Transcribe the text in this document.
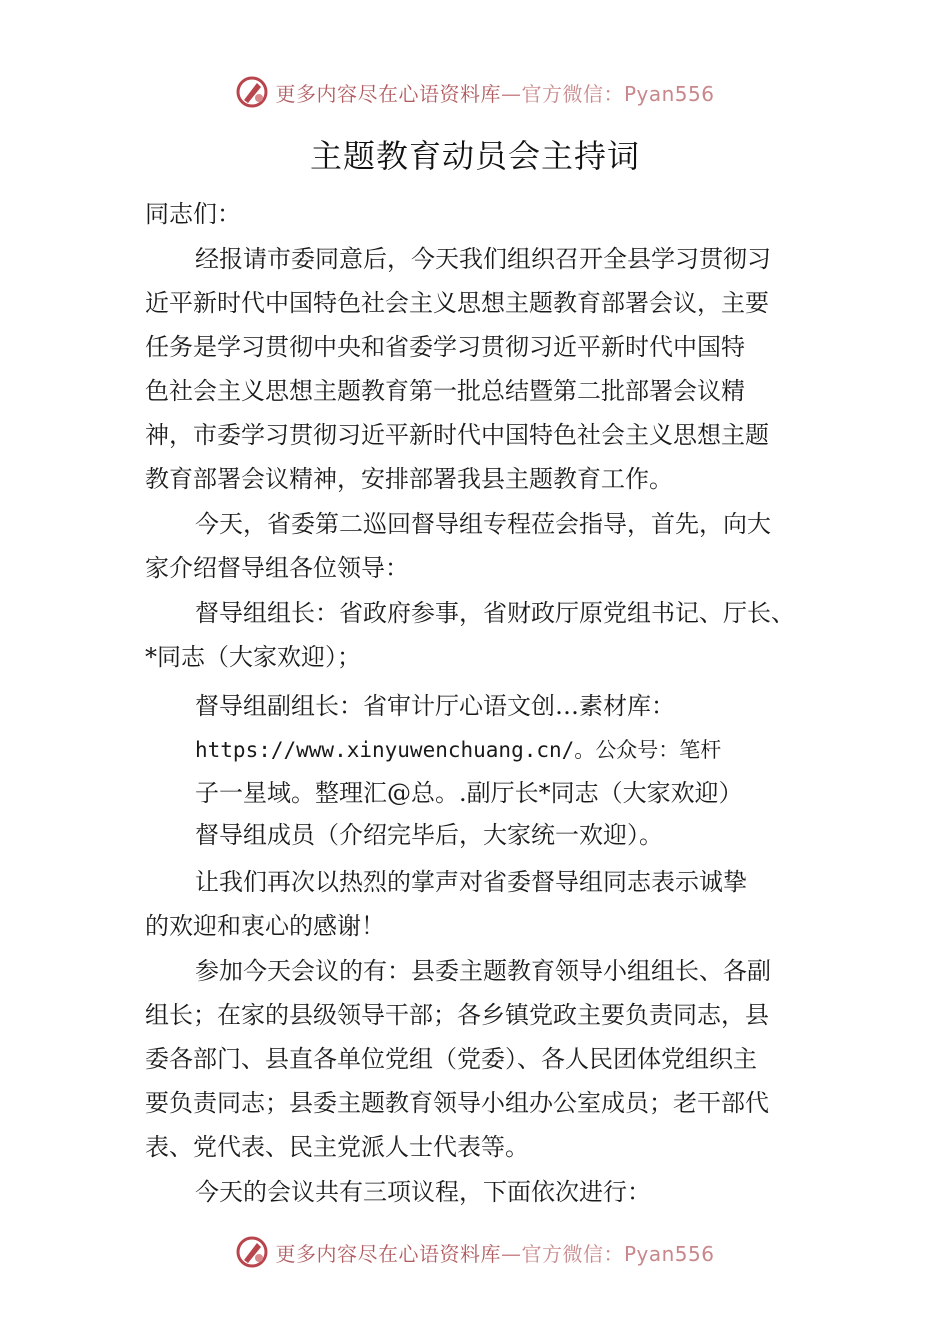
更多内容尽在心语资料库—官方微信：Pyan556
主题教育动员会主持词
同志们：
经报请市委同意后，今天我们组织召开全县学习贯彻习
近平新时代中国特色社会主义思想主题教育部署会议，主要
任务是学习贯彻中央和省委学习贯彻习近平新时代中国特
色社会主义思想主题教育第一批总结暨第二批部署会议精
神，市委学习贯彻习近平新时代中国特色社会主义思想主题
教育部署会议精神，安排部署我县主题教育工作。
今天，省委第二巡回督导组专程莅会指导，首先，向大
家介绍督导组各位领导：
督导组组长：省政府参事，省财政厅原党组书记、厅长、
*同志（大家欢迎）；
督导组副组长：省审计厅心语文创…素材库：
https://www.xinyuwenchuang.cn/。公众号：笔杆
子一星域。整理汇@总。.副厅长*同志（大家欢迎）
督导组成员（介绍完毕后，大家统一欢迎）。
让我们再次以热烈的掌声对省委督导组同志表示诚挚
的欢迎和衷心的感谢！
参加今天会议的有：县委主题教育领导小组组长、各副
组长；在家的县级领导干部；各乡镇党政主要负责同志，县
委各部门、县直各单位党组（党委）、各人民团体党组织主
要负责同志；县委主题教育领导小组办公室成员；老干部代
表、党代表、民主党派人士代表等。
今天的会议共有三项议程，下面依次进行：
更多内容尽在心语资料库—官方微信：Pyan556
